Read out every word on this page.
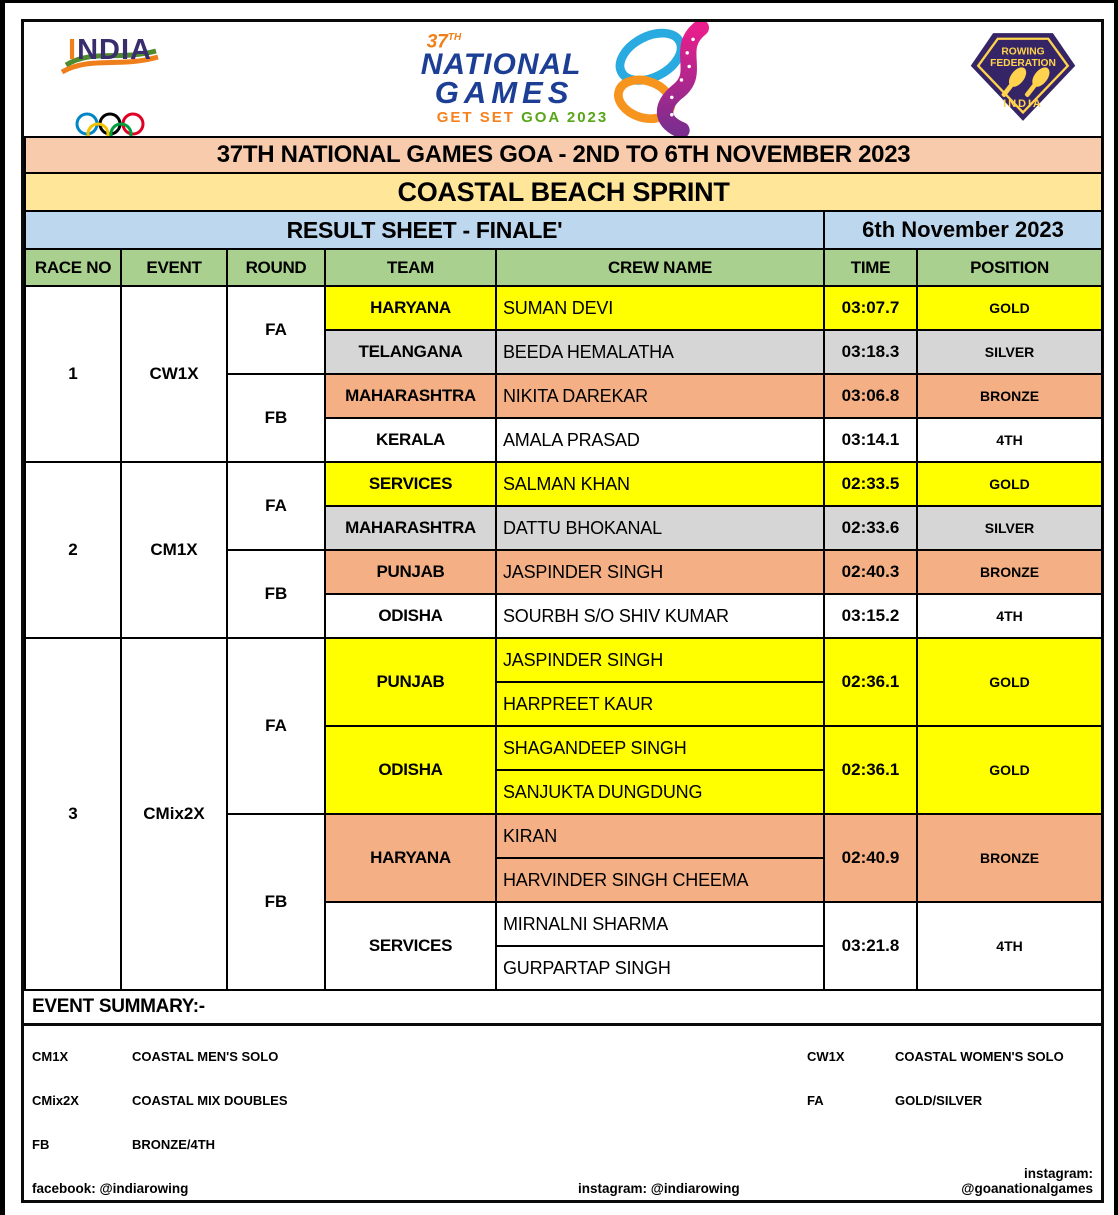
INDIA	37TH
NATIONAL
GAMES
GET SET GOA 2023
ROWING
FEDERATION
INDIA
37TH NATIONAL GAMES GOA - 2ND TO 6TH NOVEMBER 2023						
COASTAL BEACH SPRINT						
RESULT SHEET - FINALE'					6th November 2023	
RACE NO	EVENT	ROUND	TEAM	CREW NAME	TIME	POSITION
1	CW1X	FA	HARYANA	SUMAN DEVI	03:07.7	GOLD
			TELANGANA	BEEDA HEMALATHA	03:18.3	SILVER
		FB	MAHARASHTRA	NIKITA DAREKAR	03:06.8	BRONZE
			KERALA	AMALA PRASAD	03:14.1	4TH
2	CM1X	FA	SERVICES	SALMAN KHAN	02:33.5	GOLD
			MAHARASHTRA	DATTU BHOKANAL	02:33.6	SILVER
		FB	PUNJAB	JASPINDER SINGH	02:40.3	BRONZE
			ODISHA	SOURBH S/O SHIV KUMAR	03:15.2	4TH
3	CMix2X	FA	PUNJAB	JASPINDER SINGH	02:36.1	GOLD
				HARPREET KAUR		
			ODISHA	SHAGANDEEP SINGH	02:36.1	GOLD
				SANJUKTA DUNGDUNG		
		FB	HARYANA	KIRAN	02:40.9	BRONZE
				HARVINDER SINGH CHEEMA		
			SERVICES	MIRNALNI SHARMA	03:21.8	4TH
				GURPARTAP SINGH		
EVENT SUMMARY:-
CM1X	COASTAL MEN'S SOLO	CW1X	COASTAL WOMEN'S SOLO
CMix2X	COASTAL MIX DOUBLES	FA	GOLD/SILVER
FB	BRONZE/4TH
facebook: @indiarowing	instagram: @indiarowing
instagram: @goanationalgames
